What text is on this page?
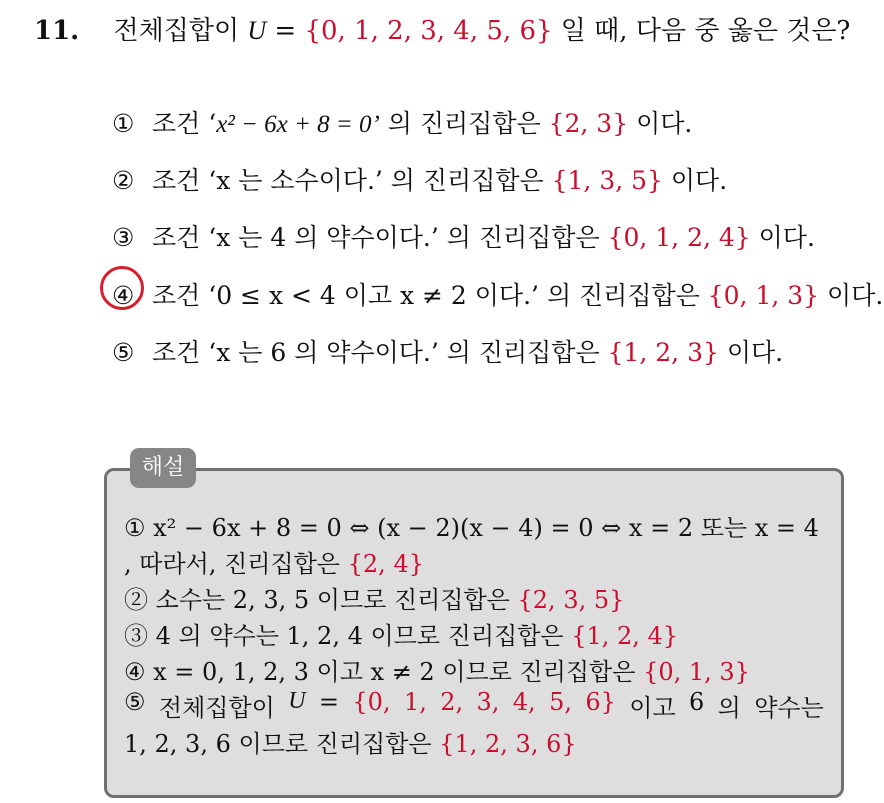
11. 전체집합이 U = {0, 1, 2, 3, 4, 5, 6} 일 때, 다음 중 옳은 것은?
① 조건 ‘x² − 6x + 8 = 0’ 의 진리집합은 {2, 3} 이다.
② 조건 ‘x 는 소수이다.’ 의 진리집합은 {1, 3, 5} 이다.
③ 조건 ‘x 는 4 의 약수이다.’ 의 진리집합은 {0, 1, 2, 4} 이다.
④ 조건 ‘0 ≤ x < 4 이고 x ≠ 2 이다.’ 의 진리집합은 {0, 1, 3} 이다.
⑤ 조건 ‘x 는 6 의 약수이다.’ 의 진리집합은 {1, 2, 3} 이다.
해설
① x² − 6x + 8 = 0 ⇔ (x − 2)(x − 4) = 0 ⇔ x = 2 또는 x = 4
, 따라서, 진리집합은 {2, 4}
② 소수는 2, 3, 5 이므로 진리집합은 {2, 3, 5}
③ 4 의 약수는 1, 2, 4 이므로 진리집합은 {1, 2, 4}
④ x = 0, 1, 2, 3 이고 x ≠ 2 이므로 진리집합은 {0, 1, 3}
⑤ 전체집합이 U = {0, 1, 2, 3, 4, 5, 6} 이고 6 의 약수는
1, 2, 3, 6 이므로 진리집합은 {1, 2, 3, 6}
